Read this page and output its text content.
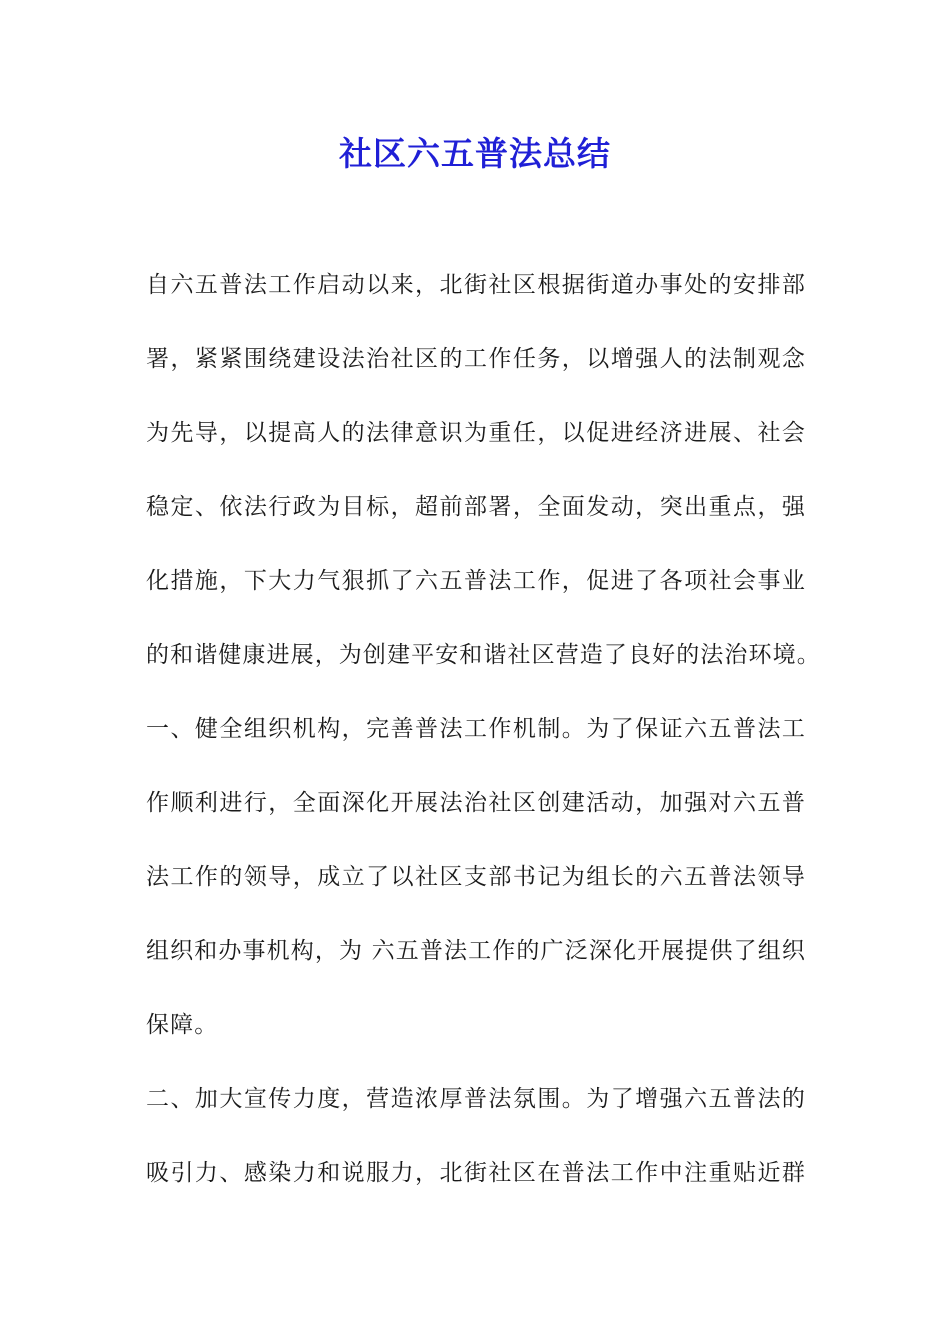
社区六五普法总结
自六五普法工作启动以来，北街社区根据街道办事处的安排部
署，紧紧围绕建设法治社区的工作任务，以增强人的法制观念
为先导，以提高人的法律意识为重任，以促进经济进展、社会
稳定、依法行政为目标，超前部署，全面发动，突出重点，强
化措施，下大力气狠抓了六五普法工作，促进了各项社会事业
的和谐健康进展，为创建平安和谐社区营造了良好的法治环境。
一、健全组织机构，完善普法工作机制。为了保证六五普法工
作顺利进行，全面深化开展法治社区创建活动，加强对六五普
法工作的领导，成立了以社区支部书记为组长的六五普法领导
组织和办事机构，为 六五普法工作的广泛深化开展提供了组织
保障。
二、加大宣传力度，营造浓厚普法氛围。为了增强六五普法的
吸引力、感染力和说服力，北街社区在普法工作中注重贴近群
